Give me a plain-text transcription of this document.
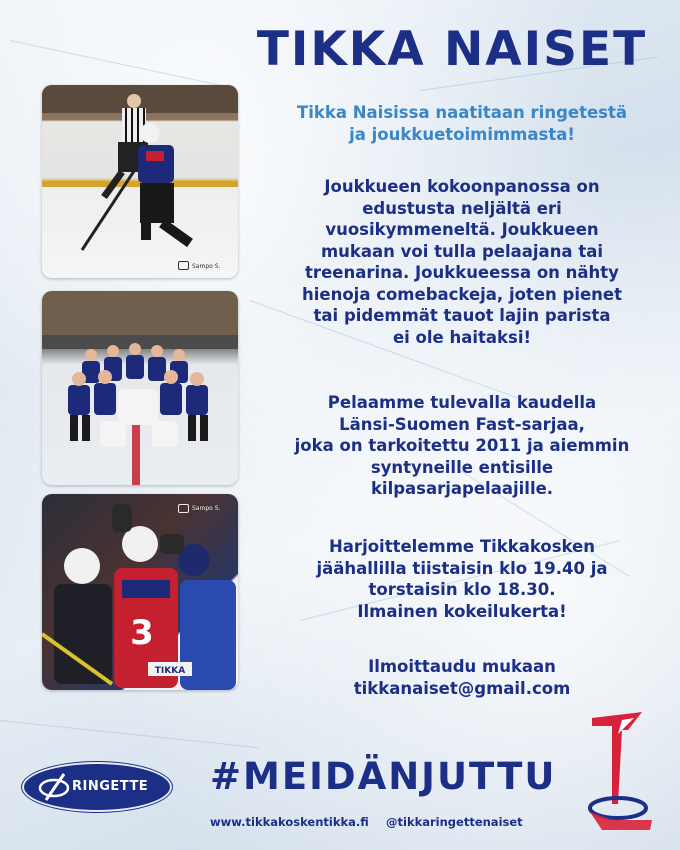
TIKKA NAISET
Sampo S.
3
TIKKA
Sampo S.
Tikka Naisissa naatitaan ringetestä
ja joukkuetoimimmasta!
Joukkueen kokoonpanossa on
edustusta neljältä eri
vuosikymmeneltä. Joukkueen
mukaan voi tulla pelaajana tai
treenarina. Joukkueessa on nähty
hienoja comebackeja, joten pienet
tai pidemmät tauot lajin parista
ei ole haitaksi!
Pelaamme tulevalla kaudella
Länsi-Suomen Fast-sarjaa,
joka on tarkoitettu 2011 ja aiemmin
syntyneille entisille
kilpasarjapelaajille.
Harjoittelemme Tikkakosken
jäähallilla tiistaisin klo 19.40 ja
torstaisin klo 18.30.
Ilmainen kokeilukerta!
Ilmoittaudu mukaan
tikkanaiset@gmail.com
RINGETTE #MEIDÄNJUTTU
www.tikkakoskentikka.fi @tikkaringettenaiset
